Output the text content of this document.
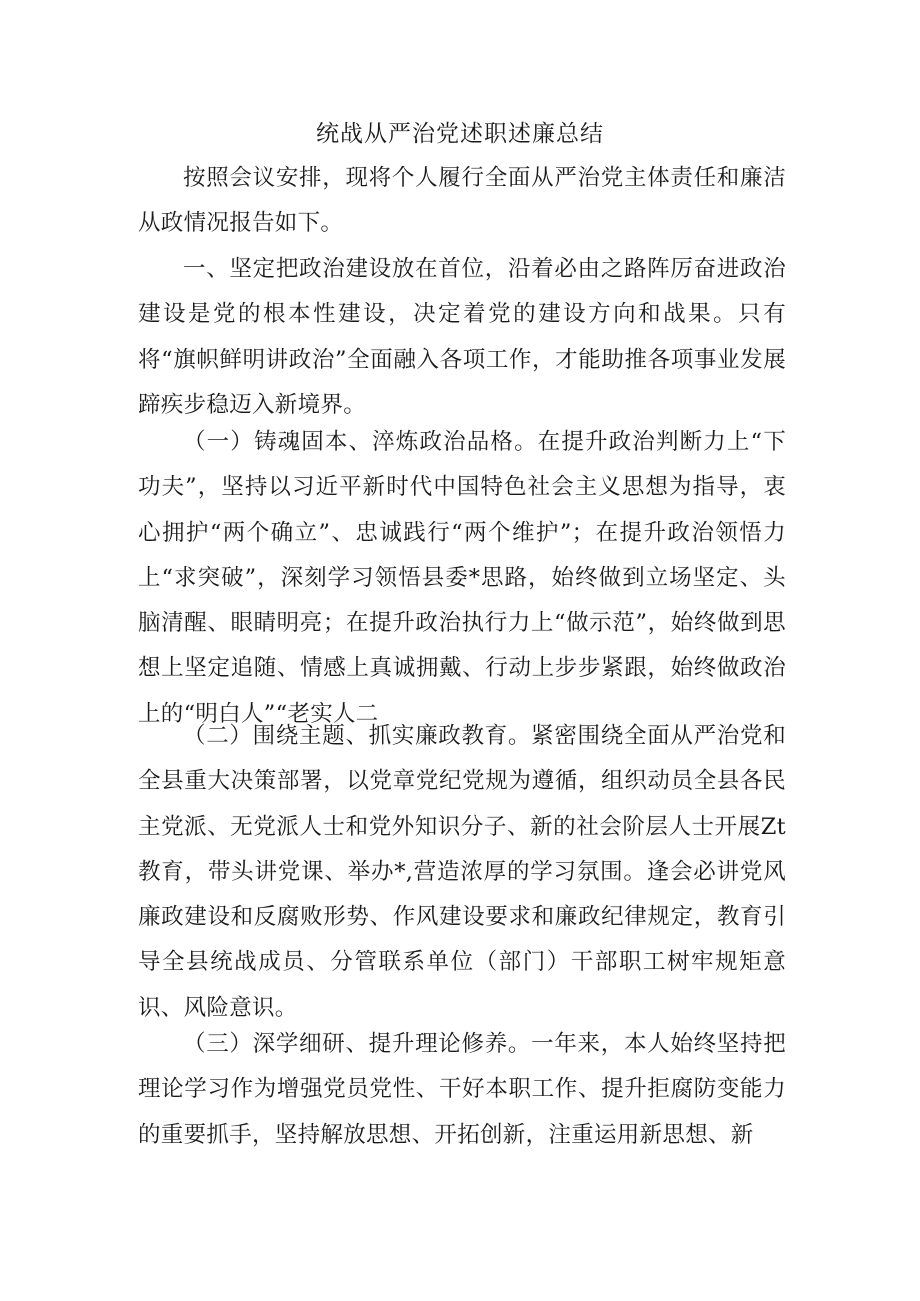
统战从严治党述职述廉总结

按照会议安排，现将个人履行全面从严治党主体责任和廉洁从政情况报告如下。

一、坚定把政治建设放在首位，沿着必由之路阵厉奋进政治建设是党的根本性建设，决定着党的建设方向和战果。只有将“旗帜鲜明讲政治”全面融入各项工作，才能助推各项事业发展蹄疾步稳迈入新境界。

（一）铸魂固本、淬炼政治品格。在提升政治判断力上“下功夫”，坚持以习近平新时代中国特色社会主义思想为指导，衷心拥护“两个确立”、忠诚践行“两个维护”；在提升政治领悟力上“求突破”，深刻学习领悟县委*思路，始终做到立场坚定、头脑清醒、眼睛明亮；在提升政治执行力上“做示范”，始终做到思想上坚定追随、情感上真诚拥戴、行动上步步紧跟，始终做政治上的“明白人”“老实人二

（二）围绕主题、抓实廉政教育。紧密围绕全面从严治党和全县重大决策部署，以党章党纪党规为遵循，组织动员全县各民主党派、无党派人士和党外知识分子、新的社会阶层人士开展Zt教育，带头讲党课、举办*,营造浓厚的学习氛围。逢会必讲党风廉政建设和反腐败形势、作风建设要求和廉政纪律规定，教育引导全县统战成员、分管联系单位（部门）干部职工树牢规矩意识、风险意识。

（三）深学细研、提升理论修养。一年来，本人始终坚持把理论学习作为增强党员党性、干好本职工作、提升拒腐防变能力的重要抓手，坚持解放思想、开拓创新，注重运用新思想、新
